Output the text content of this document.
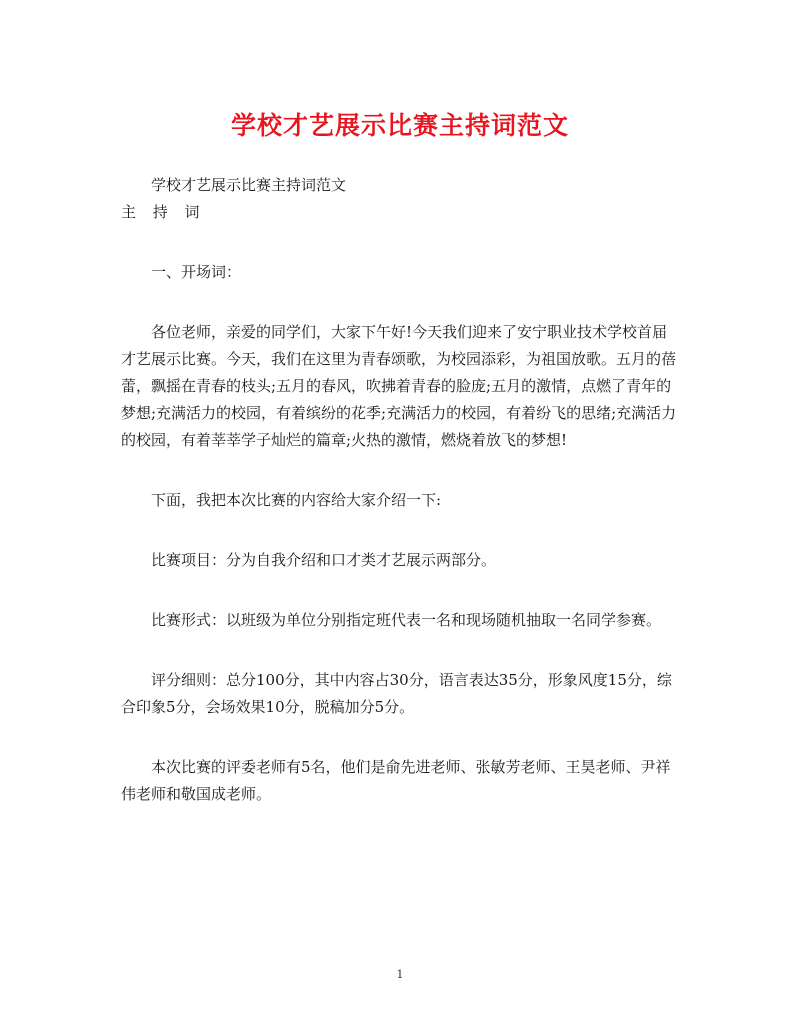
学校才艺展示比赛主持词范文

学校才艺展示比赛主持词范文

主 持 词

一、开场词：

各位老师，亲爱的同学们，大家下午好!今天我们迎来了安宁职业技术学校首届才艺展示比赛。今天，我们在这里为青春颂歌，为校园添彩，为祖国放歌。五月的蓓蕾，飘摇在青春的枝头;五月的春风，吹拂着青春的脸庞;五月的激情，点燃了青年的梦想;充满活力的校园，有着缤纷的花季;充满活力的校园，有着纷飞的思绪;充满活力的校园，有着莘莘学子灿烂的篇章;火热的激情，燃烧着放飞的梦想!

下面，我把本次比赛的内容给大家介绍一下:

比赛项目：分为自我介绍和口才类才艺展示两部分。

比赛形式：以班级为单位分别指定班代表一名和现场随机抽取一名同学参赛。

评分细则：总分100分，其中内容占30分，语言表达35分，形象风度15分，综合印象5分，会场效果10分，脱稿加分5分。

本次比赛的评委老师有5名，他们是俞先进老师、张敏芳老师、王昊老师、尹祥伟老师和敬国成老师。

1
